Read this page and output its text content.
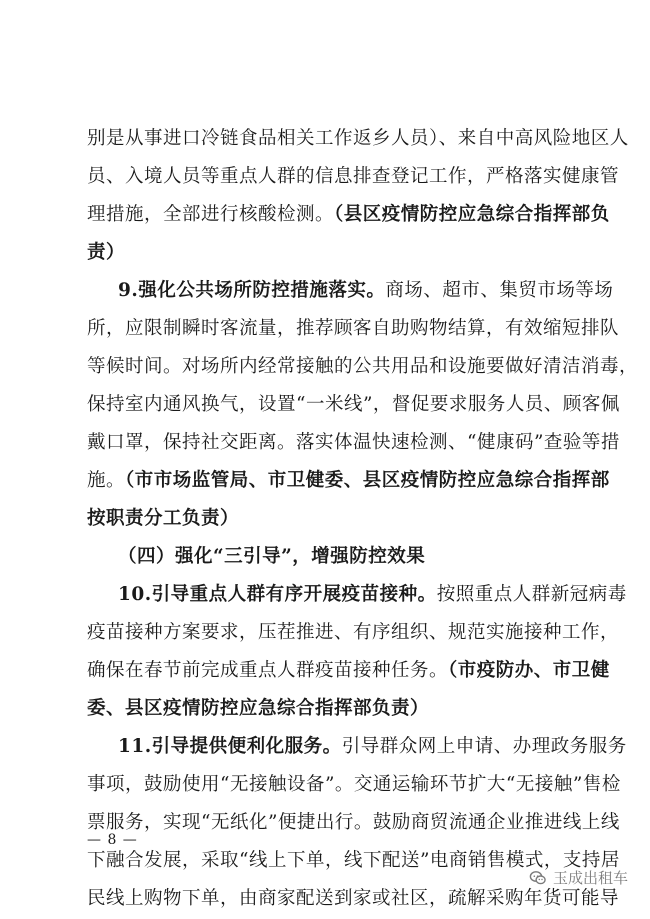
别是从事进口冷链食品相关工作返乡人员）、来自中高风险地区人
员、入境人员等重点人群的信息排查登记工作，严格落实健康管
理措施，全部进行核酸检测。（县区疫情防控应急综合指挥部负
责）
9.强化公共场所防控措施落实。商场、超市、集贸市场等场
所，应限制瞬时客流量，推荐顾客自助购物结算，有效缩短排队
等候时间。对场所内经常接触的公共用品和设施要做好清洁消毒，
保持室内通风换气，设置“一米线”，督促要求服务人员、顾客佩
戴口罩，保持社交距离。落实体温快速检测、“健康码”查验等措
施。（市市场监管局、市卫健委、县区疫情防控应急综合指挥部
按职责分工负责）
（四）强化“三引导”，增强防控效果
10.引导重点人群有序开展疫苗接种。按照重点人群新冠病毒
疫苗接种方案要求，压茬推进、有序组织、规范实施接种工作，
确保在春节前完成重点人群疫苗接种任务。（市疫防办、市卫健
委、县区疫情防控应急综合指挥部负责）
11.引导提供便利化服务。引导群众网上申请、办理政务服务
事项，鼓励使用“无接触设备”。交通运输环节扩大“无接触”售检
票服务，实现“无纸化”便捷出行。鼓励商贸流通企业推进线上线
下融合发展，采取“线上下单，线下配送”电商销售模式，支持居
民线上购物下单，由商家配送到家或社区，疏解采购年货可能导
— 8 —
玉成出租车
